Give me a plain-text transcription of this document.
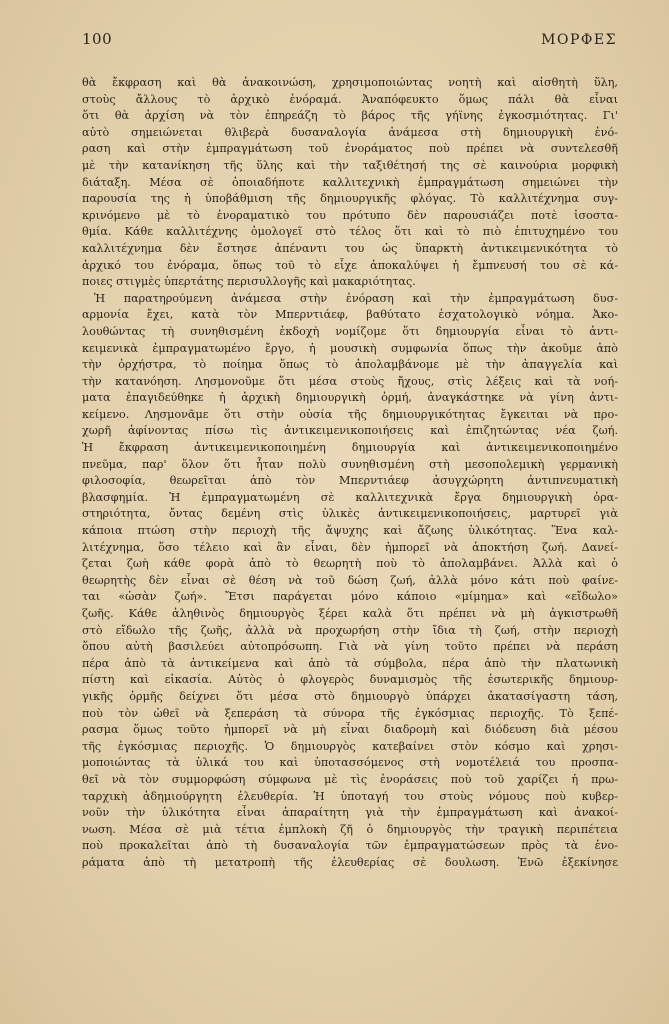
100	ΜΟΡΦΕΣ
θὰ ἔκφραση καὶ θὰ ἀνακοινώση, χρησιμοποιώντας νοητὴ καὶ αἰσθητὴ ὕλη,
στοὺς ἄλλους τὸ ἀρχικὸ ἐνόραμά. Ἀναπόφευκτο ὅμως πάλι θὰ εἶναι
ὅτι θὰ ἀρχίση νὰ τὸν ἐπηρεάζη τὸ βάρος τῆς γήϊνης ἐγκοσμιότητας. Γι'
αὐτὸ σημειώνεται θλιβερὰ δυσαναλογία ἀνάμεσα στὴ δημιουργικὴ ἐνό-
ραση καὶ στὴν ἐμπραγμάτωση τοῦ ἐνοράματος ποὺ πρέπει νὰ συντελεσθῆ
μὲ τὴν κατανίκηση τῆς ὕλης καὶ τὴν ταξιθέτησή της σὲ καινούρια μορφικὴ
διάταξη. Μέσα σὲ ὁποιαδήποτε καλλιτεχνικὴ ἐμπραγμάτωση σημειώνει τὴν
παρουσία της ἡ ὑποβάθμιση τῆς δημιουργικῆς φλόγας. Τὸ καλλιτέχνημα συγ-
κρινόμενο μὲ τὸ ἐνοραματικὸ του πρότυπο δὲν παρουσιάζει ποτὲ ἰσοστα-
θμία. Κάθε καλλιτέχνης ὁμολογεῖ στὸ τέλος ὅτι καὶ τὸ πιὸ ἐπιτυχημένο του
καλλιτέχνημα δὲν ἔστησε ἀπέναντι του ὡς ὕπαρκτὴ ἀντικειμενικότητα τὸ
ἀρχικό του ἐνόραμα, ὅπως τοῦ τὸ εἶχε ἀποκαλύψει ἡ ἔμπνευσή του σὲ κά-
ποιες στιγμὲς ὑπερτάτης περισυλλογῆς καὶ μακαριότητας.
Ἡ παρατηρούμενη ἀνάμεσα στὴν ἐνόραση καὶ τὴν ἐμπραγμάτωση δυσ-
αρμονία ἔχει, κατὰ τὸν Μπερντιάεφ, βαθύτατο ἐσχατολογικὸ νόημα. Ἀκο-
λουθώντας τὴ συνηθισμένη ἐκδοχὴ νομίζομε ὅτι δημιουργία εἶναι τὸ ἀντι-
κειμενικὰ ἐμπραγματωμένο ἔργο, ἡ μουσικὴ συμφωνία ὅπως τὴν ἀκοῦμε ἀπὸ
τὴν ὀρχήστρα, τὸ ποίημα ὅπως τὸ ἀπολαμβάνομε μὲ τὴν ἀπαγγελία καὶ
τὴν κατανόηση. Λησμονοῦμε ὅτι μέσα στοὺς ἤχους, στὶς λέξεις καὶ τὰ νοή-
ματα ἐπαγιδεύθηκε ἡ ἀρχικὴ δημιουργικὴ ὁρμή, ἀναγκάστηκε νὰ γίνη ἀντι-
κείμενο. Λησμονᾶμε ὅτι στὴν οὐσία τῆς δημιουργικότητας ἔγκειται νὰ προ-
χωρῆ ἀφίνοντας πίσω τὶς ἀντικειμενικοποιήσεις καὶ ἐπιζητώντας νέα ζωή.
Ἡ ἔκφραση ἀντικειμενικοποιημένη δημιουργία καὶ ἀντικειμενικοποιημένο
πνεῦμα, παρ' ὅλον ὅτι ἦταν πολὺ συνηθισμένη στὴ μεσοπολεμικὴ γερμανικὴ
φιλοσοφία, θεωρεῖται ἀπὸ τὸν Μπερντιάεφ ἀσυγχώρητη ἀντιπνευματικὴ
βλασφημία. Ἡ ἐμπραγματωμένη σὲ καλλιτεχνικὰ ἔργα δημιουργικὴ ὁρα-
στηριότητα, ὄντας δεμένη στὶς ὑλικὲς ἀντικειμενικοποιήσεις, μαρτυρεῖ γιὰ
κάποια πτώση στὴν περιοχὴ τῆς ἄψυχης καὶ ἄζωης ὑλικότητας. Ἕνα καλ-
λιτέχνημα, ὅσο τέλειο καὶ ἂν εἶναι, δὲν ἠμπορεῖ νὰ ἀποκτήση ζωή. Δανεί-
ζεται ζωὴ κάθε φορὰ ἀπὸ τὸ θεωρητὴ ποὺ τὸ ἀπολαμβάνει. Ἀλλὰ καὶ ὁ
θεωρητὴς δὲν εἶναι σὲ θέση νὰ τοῦ δώση ζωή, ἀλλὰ μόνο κάτι ποὺ φαίνε-
ται «ὡσὰν ζωή». Ἔτσι παράγεται μόνο κάποιο «μίμημα» καὶ «εἴδωλο»
ζωῆς. Κάθε ἀληθινὸς δημιουργὸς ξέρει καλὰ ὅτι πρέπει νὰ μὴ ἀγκιστρωθῆ
στὸ εἴδωλο τῆς ζωῆς, ἀλλὰ νὰ προχωρήση στὴν ἴδια τὴ ζωή, στὴν περιοχὴ
ὅπου αὐτὴ βασιλεύει αὐτοπρόσωπη. Γιὰ νὰ γίνη τοῦτο πρέπει νὰ περάση
πέρα ἀπὸ τὰ ἀντικείμενα καὶ ἀπὸ τὰ σύμβολα, πέρα ἀπὸ τὴν πλατωνικὴ
πίστη καὶ εἰκασία. Αὐτὸς ὁ φλογερὸς δυναμισμὸς τῆς ἐσωτερικῆς δημιουρ-
γικῆς ὁρμῆς δείχνει ὅτι μέσα στὸ δημιουργὸ ὑπάρχει ἀκατασίγαστη τάση,
ποὺ τὸν ὠθεῖ νὰ ξεπεράση τὰ σύνορα τῆς ἐγκόσμιας περιοχῆς. Τὸ ξεπέ-
ρασμα ὅμως τοῦτο ἠμπορεῖ νὰ μὴ εἶναι διαδρομὴ καὶ διόδευση διὰ μέσου
τῆς ἐγκόσμιας περιοχῆς. Ὁ δημιουργὸς κατεβαίνει στὸν κόσμο καὶ χρησι-
μοποιώντας τὰ ὑλικά του καὶ ὑποτασσόμενος στὴ νομοτέλειά του προσπα-
θεῖ νὰ τὸν συμμορφώση σύμφωνα μὲ τὶς ἐνοράσεις ποὺ τοῦ χαρίζει ἡ πρω-
ταρχικὴ ἀδημιούργητη ἐλευθερία. Ἡ ὑποταγή του στοὺς νόμους ποὺ κυβερ-
νοῦν τὴν ὑλικότητα εἶναι ἀπαραίτητη γιὰ τὴν ἐμπραγμάτωση καὶ ἀνακοί-
νωση. Μέσα σὲ μιὰ τέτια ἐμπλοκὴ ζῆ ὁ δημιουργὸς τὴν τραγικὴ περιπέτεια
ποὺ προκαλεῖται ἀπὸ τὴ δυσαναλογία τῶν ἐμπραγματώσεων πρὸς τὰ ἐνο-
ράματα ἀπὸ τὴ μετατροπὴ τῆς ἐλευθερίας σὲ δουλωση. Ἐνῶ ἐξεκίνησε
